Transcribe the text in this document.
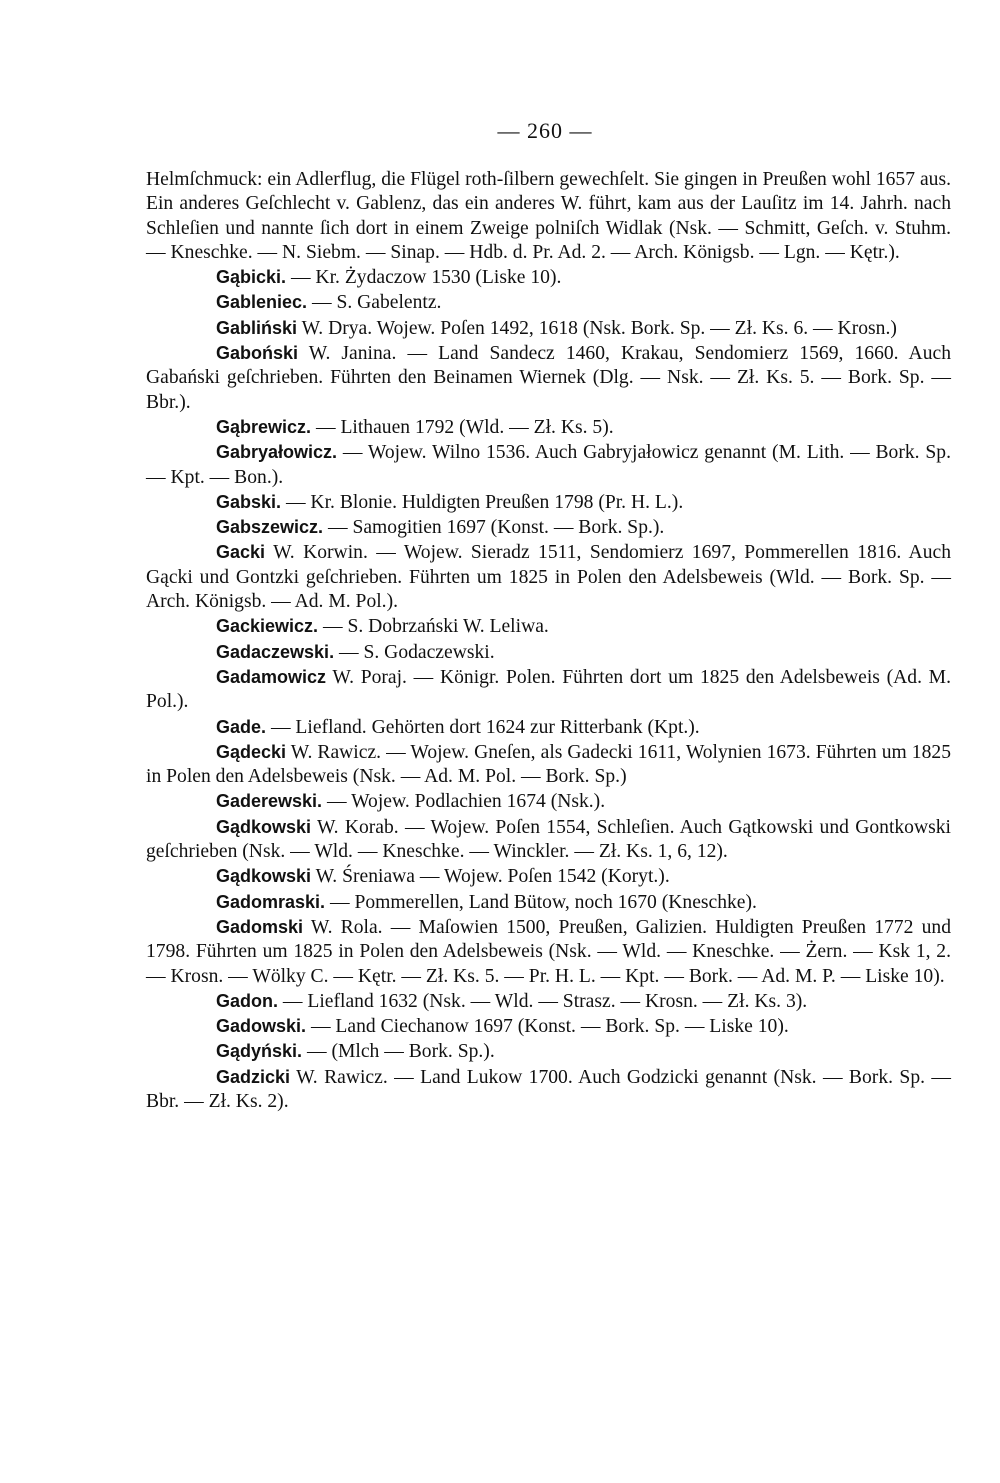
— 260 —

Helmſchmuck: ein Adlerflug, die Flügel roth-ſilbern gewechſelt. Sie gingen in Preußen wohl 1657 aus. Ein anderes Geſchlecht v. Gablenz, das ein anderes W. führt, kam aus der Lauſitz im 14. Jahrh. nach Schleſien und nannte ſich dort in einem Zweige polniſch Widlak (Nsk. — Schmitt, Geſch. v. Stuhm. — Kneschke. — N. Siebm. — Sinap. — Hdb. d. Pr. Ad. 2. — Arch. Königsb. — Lgn. — Kętr.).

Gąbicki. — Kr. Żydaczow 1530 (Liske 10).

Gableniec. — S. Gabelentz.

Gabliński W. Drya. Wojew. Poſen 1492, 1618 (Nsk. Bork. Sp. — Zł. Ks. 6. — Krosn.)

Gaboński W. Janina. — Land Sandecz 1460, Krakau, Sendomierz 1569, 1660. Auch Gabański geſchrieben. Führten den Beinamen Wiernek (Dlg. — Nsk. — Zł. Ks. 5. — Bork. Sp. — Bbr.).

Gąbrewicz. — Lithauen 1792 (Wld. — Zł. Ks. 5).

Gabryałowicz. — Wojew. Wilno 1536. Auch Gabryjałowicz genannt (M. Lith. — Bork. Sp. — Kpt. — Bon.).

Gabski. — Kr. Blonie. Huldigten Preußen 1798 (Pr. H. L.).

Gabszewicz. — Samogitien 1697 (Konst. — Bork. Sp.).

Gacki W. Korwin. — Wojew. Sieradz 1511, Sendomierz 1697, Pommerellen 1816. Auch Gącki und Gontzki geſchrieben. Führten um 1825 in Polen den Adelsbeweis (Wld. — Bork. Sp. — Arch. Königsb. — Ad. M. Pol.).

Gackiewicz. — S. Dobrzański W. Leliwa.

Gadaczewski. — S. Godaczewski.

Gadamowicz W. Poraj. — Königr. Polen. Führten dort um 1825 den Adelsbeweis (Ad. M. Pol.).

Gade. — Liefland. Gehörten dort 1624 zur Ritterbank (Kpt.).

Gądecki W. Rawicz. — Wojew. Gneſen, als Gadecki 1611, Wolynien 1673. Führten um 1825 in Polen den Adelsbeweis (Nsk. — Ad. M. Pol. — Bork. Sp.)

Gaderewski. — Wojew. Podlachien 1674 (Nsk.).

Gądkowski W. Korab. — Wojew. Poſen 1554, Schleſien. Auch Gątkowski und Gontkowski geſchrieben (Nsk. — Wld. — Kneschke. — Winckler. — Zł. Ks. 1, 6, 12).

Gądkowski W. Śreniawa — Wojew. Poſen 1542 (Koryt.).

Gadomraski. — Pommerellen, Land Bütow, noch 1670 (Kneschke).

Gadomski W. Rola. — Maſowien 1500, Preußen, Galizien. Huldigten Preußen 1772 und 1798. Führten um 1825 in Polen den Adelsbeweis (Nsk. — Wld. — Kneschke. — Żern. — Ksk 1, 2. — Krosn. — Wölky C. — Kętr. — Zł. Ks. 5. — Pr. H. L. — Kpt. — Bork. — Ad. M. P. — Liske 10).

Gadon. — Liefland 1632 (Nsk. — Wld. — Strasz. — Krosn. — Zł. Ks. 3).

Gadowski. — Land Ciechanow 1697 (Konst. — Bork. Sp. — Liske 10).

Gądyński. — (Mlch — Bork. Sp.).

Gadzicki W. Rawicz. — Land Lukow 1700. Auch Godzicki genannt (Nsk. — Bork. Sp. — Bbr. — Zł. Ks. 2).
